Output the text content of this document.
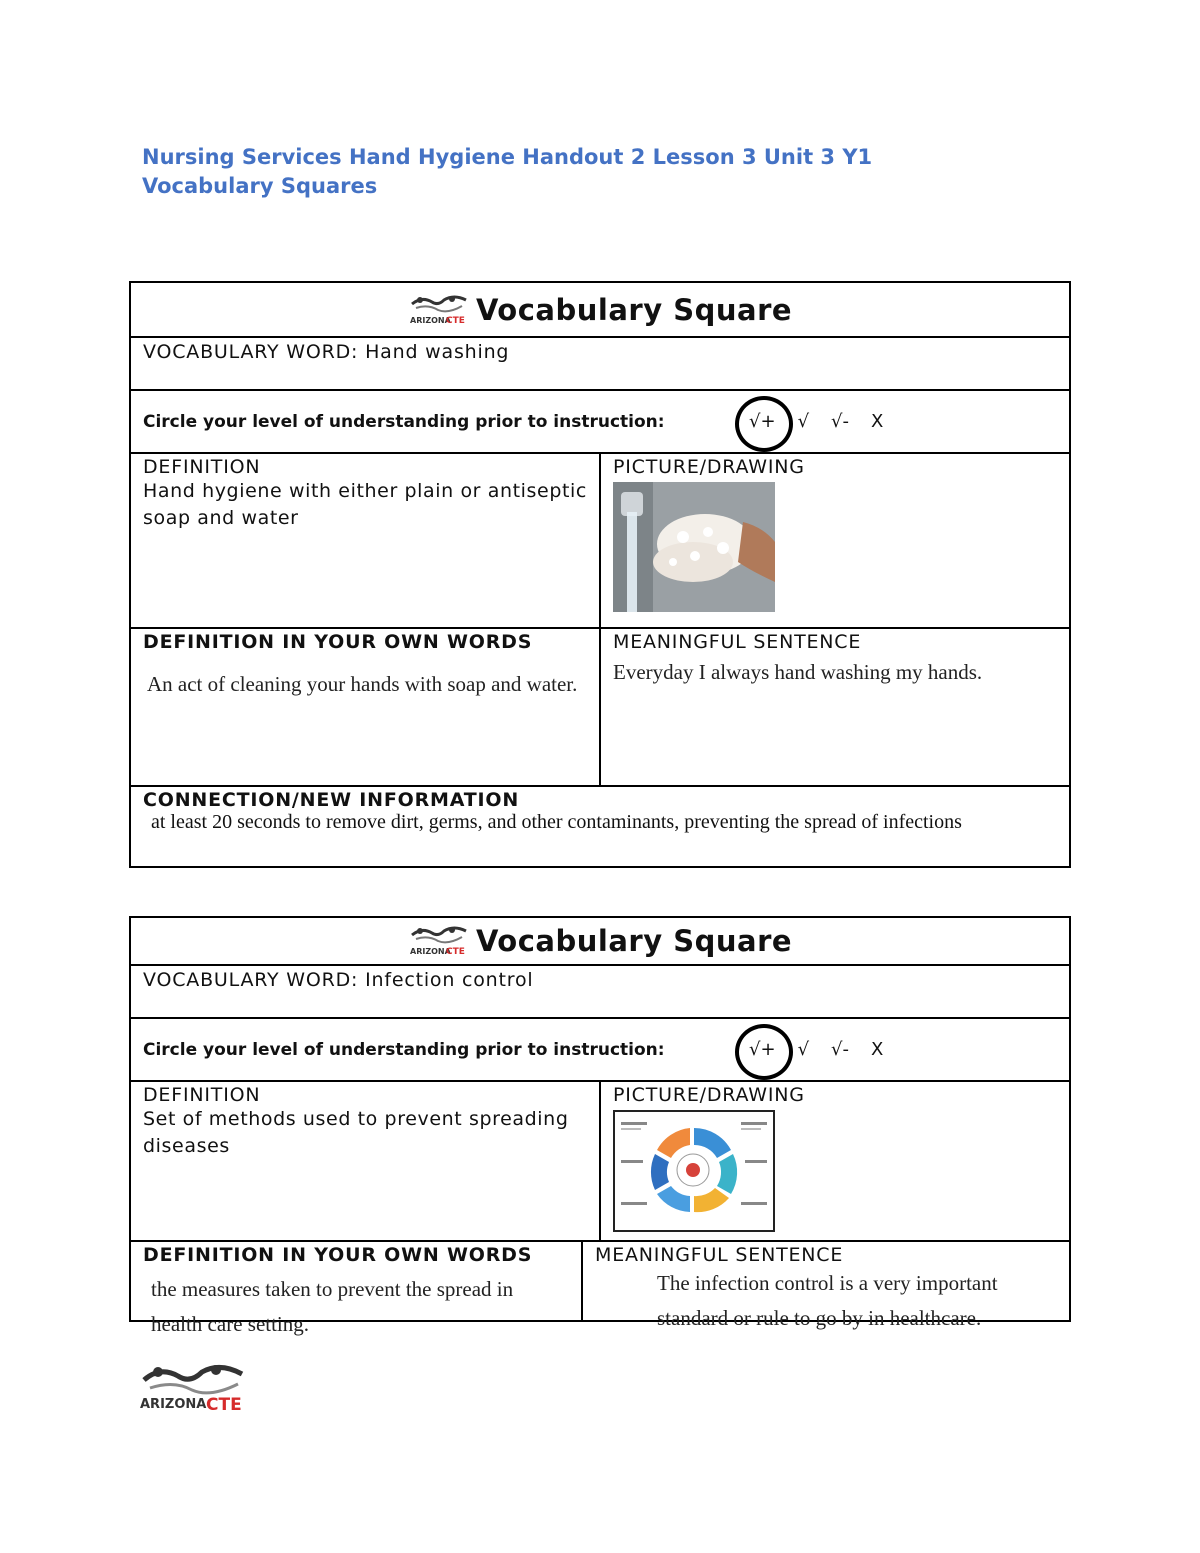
Nursing Services Hand Hygiene Handout 2 Lesson 3 Unit 3 Y1
Vocabulary Squares
ARIZONA
CTE Vocabulary Square
VOCABULARY WORD: Hand washing
Circle your level of understanding prior to instruction:	√+ √ √- X
DEFINITION
Hand hygiene with either plain or antiseptic soap and water
PICTURE/DRAWING
DEFINITION IN YOUR OWN WORDS
An act of cleaning your hands with soap and water.
MEANINGFUL SENTENCE
Everyday I always hand washing my hands.
CONNECTION/NEW INFORMATION
at least 20 seconds to remove dirt, germs, and other contaminants, preventing the spread of infections
ARIZONA
CTE Vocabulary Square
VOCABULARY WORD: Infection control
Circle your level of understanding prior to instruction:	√+ √ √- X
DEFINITION
Set of methods used to prevent spreading diseases
PICTURE/DRAWING
DEFINITION IN YOUR OWN WORDS
the measures taken to prevent the spread in health care setting.
MEANINGFUL SENTENCE
The infection control is a very important standard or rule to go by in healthcare.
ARIZONA CTE
